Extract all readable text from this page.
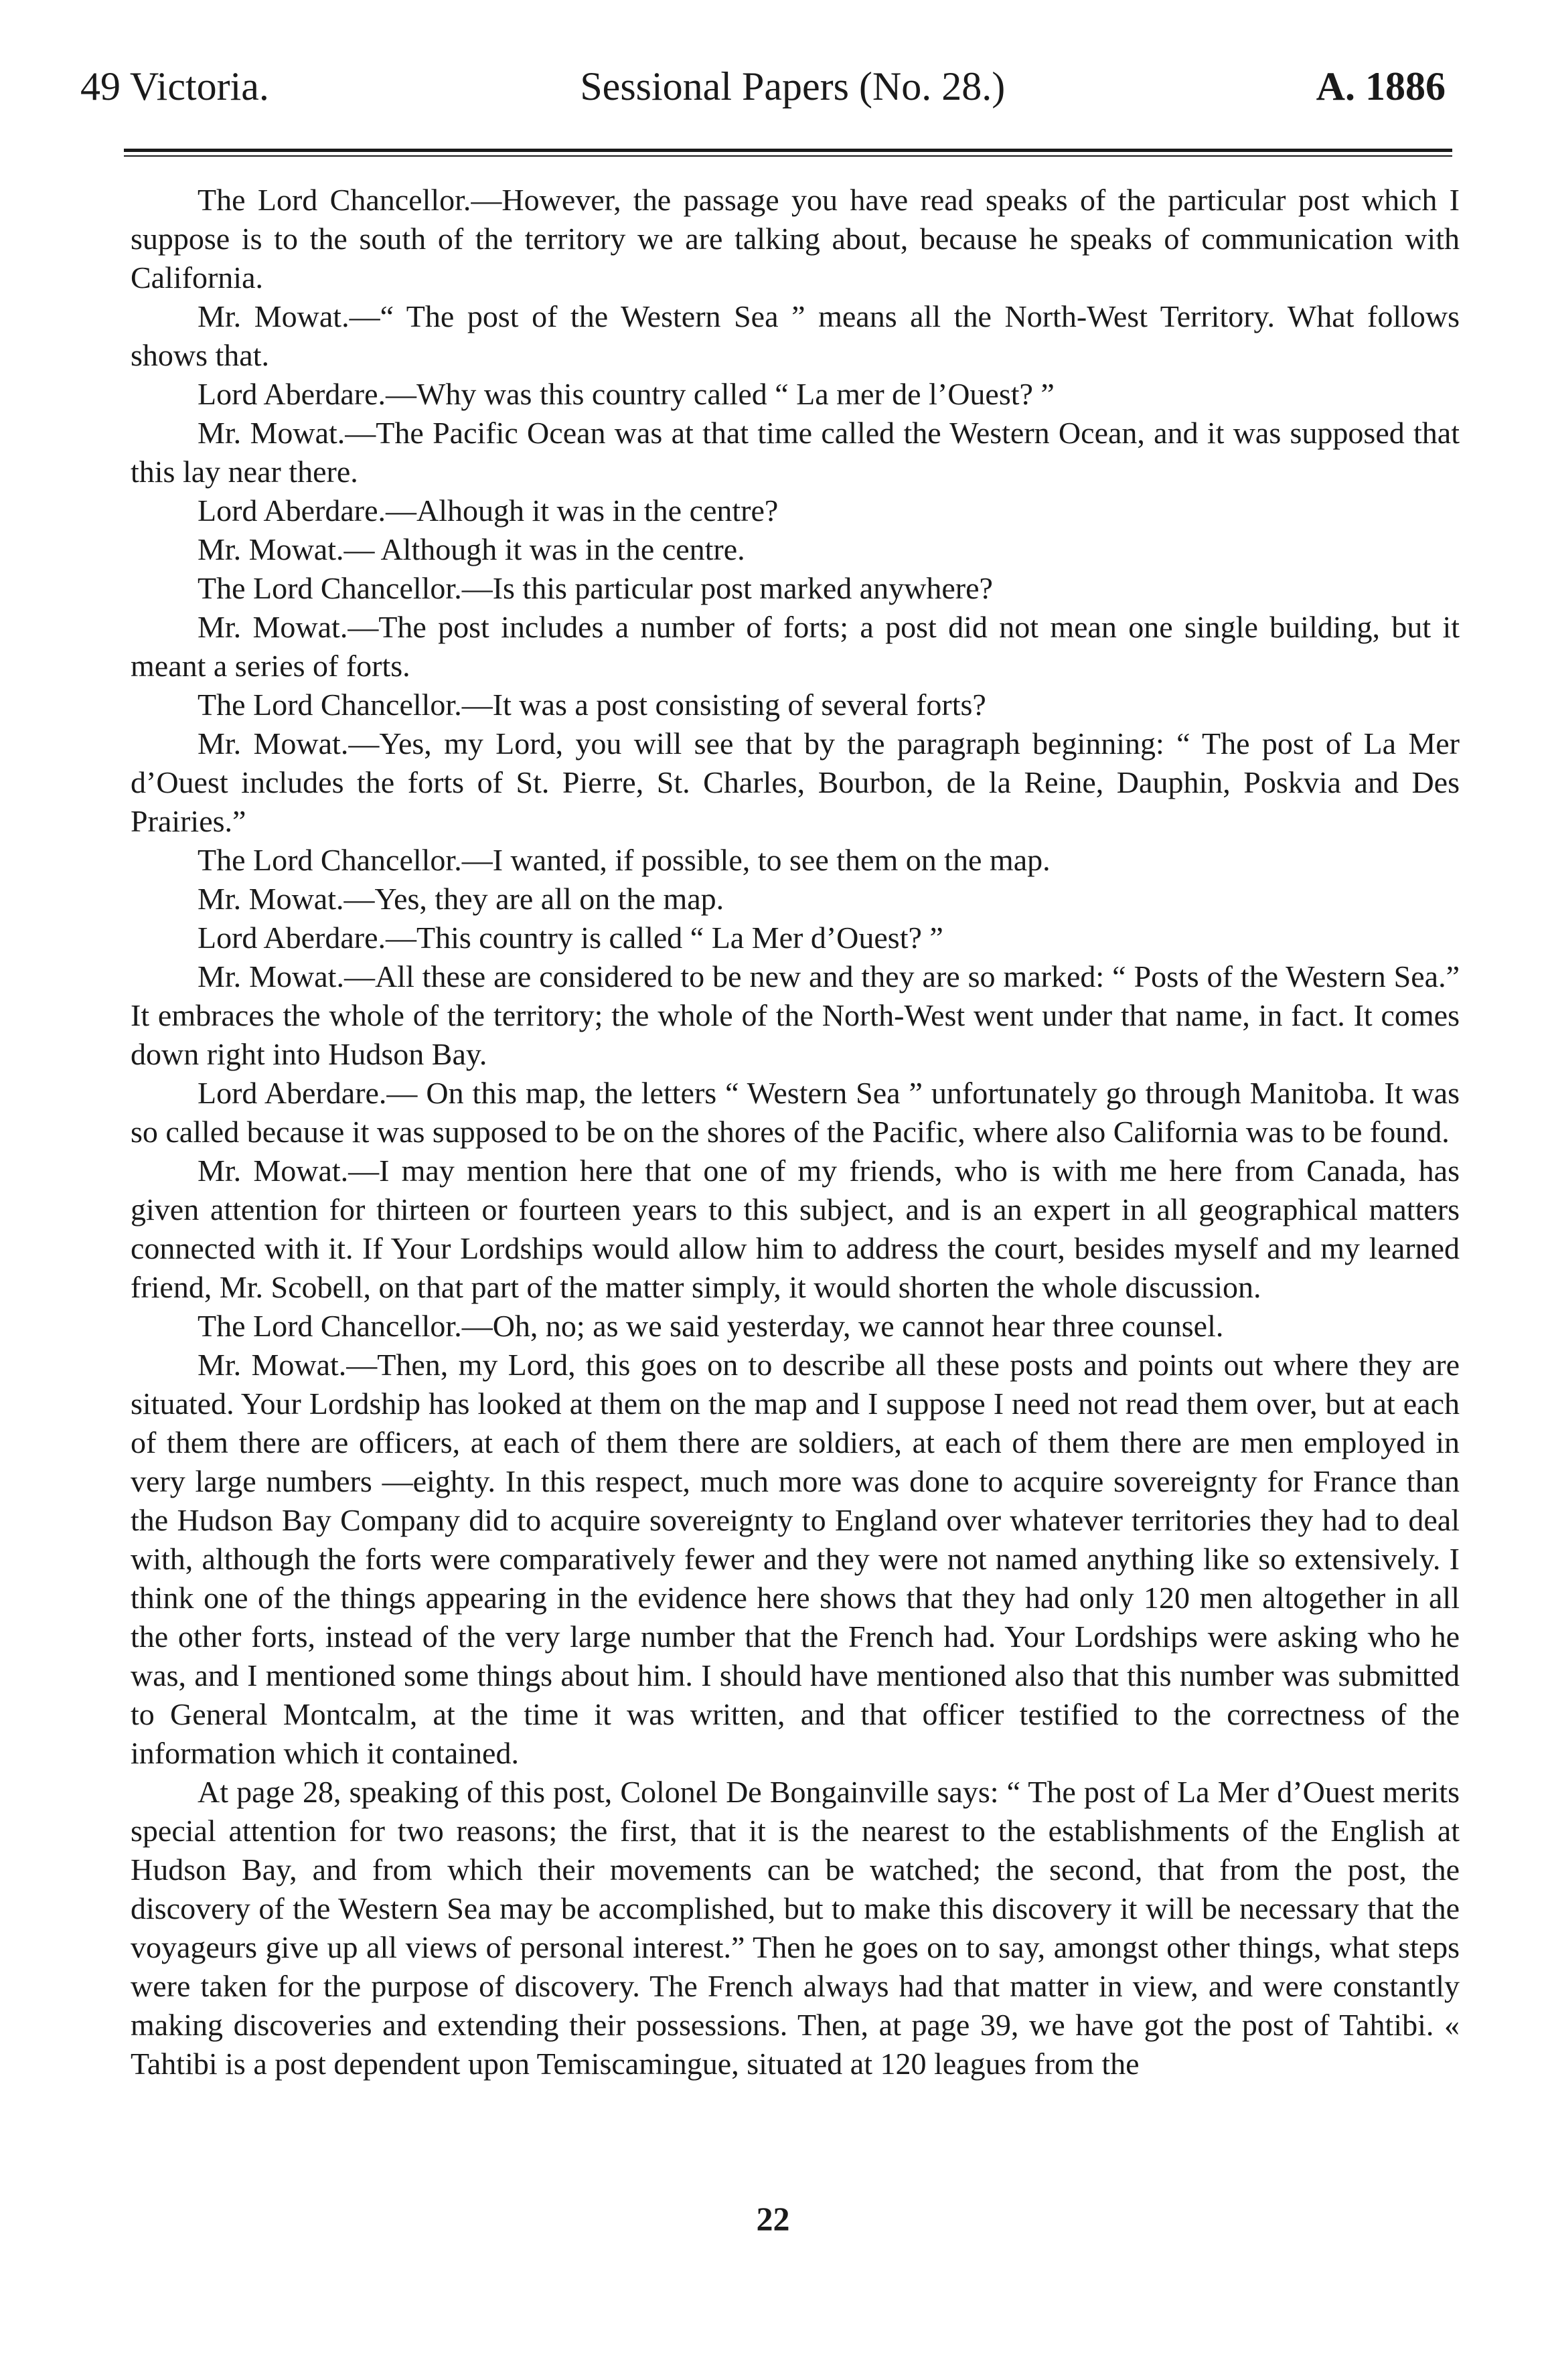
49 Victoria.	Sessional Papers (No. 28.)	A. 1886

The Lord Chancellor.—However, the passage you have read speaks of the particular post which I suppose is to the south of the territory we are talking about, because he speaks of communication with California.

Mr. Mowat.—“ The post of the Western Sea ” means all the North-West Territory. What follows shows that.

Lord Aberdare.—Why was this country called “ La mer de l’Ouest? ”

Mr. Mowat.—The Pacific Ocean was at that time called the Western Ocean, and it was supposed that this lay near there.

Lord Aberdare.—Alhough it was in the centre?

Mr. Mowat.— Although it was in the centre.

The Lord Chancellor.—Is this particular post marked anywhere?

Mr. Mowat.—The post includes a number of forts; a post did not mean one single building, but it meant a series of forts.

The Lord Chancellor.—It was a post consisting of several forts?

Mr. Mowat.—Yes, my Lord, you will see that by the paragraph beginning: “ The post of La Mer d’Ouest includes the forts of St. Pierre, St. Charles, Bourbon, de la Reine, Dauphin, Poskvia and Des Prairies.”

The Lord Chancellor.—I wanted, if possible, to see them on the map.

Mr. Mowat.—Yes, they are all on the map.

Lord Aberdare.—This country is called “ La Mer d’Ouest? ”

Mr. Mowat.—All these are considered to be new and they are so marked: “ Posts of the Western Sea.” It embraces the whole of the territory; the whole of the North-West went under that name, in fact. It comes down right into Hudson Bay.

Lord Aberdare.— On this map, the letters “ Western Sea ” unfortunately go through Manitoba. It was so called because it was supposed to be on the shores of the Pacific, where also California was to be found.

Mr. Mowat.—I may mention here that one of my friends, who is with me here from Canada, has given attention for thirteen or fourteen years to this subject, and is an expert in all geographical matters connected with it. If Your Lordships would allow him to address the court, besides myself and my learned friend, Mr. Scobell, on that part of the matter simply, it would shorten the whole discussion.

The Lord Chancellor.—Oh, no; as we said yesterday, we cannot hear three counsel.

Mr. Mowat.—Then, my Lord, this goes on to describe all these posts and points out where they are situated. Your Lordship has looked at them on the map and I suppose I need not read them over, but at each of them there are officers, at each of them there are soldiers, at each of them there are men employed in very large numbers —eighty. In this respect, much more was done to acquire sovereignty for France than the Hudson Bay Company did to acquire sovereignty to England over whatever territories they had to deal with, although the forts were comparatively fewer and they were not named anything like so extensively. I think one of the things appearing in the evidence here shows that they had only 120 men altogether in all the other forts, instead of the very large number that the French had. Your Lordships were asking who he was, and I mentioned some things about him. I should have mentioned also that this number was submitted to General Montcalm, at the time it was written, and that officer testified to the correctness of the information which it contained.

At page 28, speaking of this post, Colonel De Bongainville says: “ The post of La Mer d’Ouest merits special attention for two reasons; the first, that it is the nearest to the establishments of the English at Hudson Bay, and from which their movements can be watched; the second, that from the post, the discovery of the Western Sea may be accomplished, but to make this discovery it will be necessary that the voyageurs give up all views of personal interest.” Then he goes on to say, amongst other things, what steps were taken for the purpose of discovery. The French always had that matter in view, and were constantly making discoveries and extending their possessions. Then, at page 39, we have got the post of Tahtibi. « Tahtibi is a post dependent upon Temiscamingue, situated at 120 leagues from the

22
